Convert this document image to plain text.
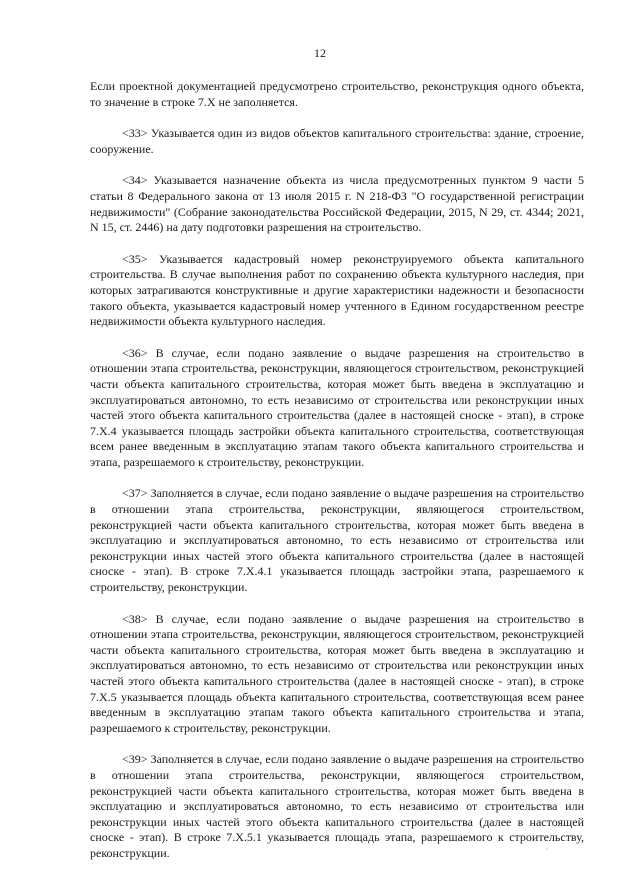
12

Если проектной документацией предусмотрено строительство, реконструкция одного объекта, то значение в строке 7.Х не заполняется.

<33> Указывается один из видов объектов капитального строительства: здание, строение, сооружение.

<34> Указывается назначение объекта из числа предусмотренных пунктом 9 части 5 статьи 8 Федерального закона от 13 июля 2015 г. N 218-ФЗ "О государственной регистрации недвижимости" (Собрание законодательства Российской Федерации, 2015, N 29, ст. 4344; 2021, N 15, ст. 2446) на дату подготовки разрешения на строительство.

<35> Указывается кадастровый номер реконструируемого объекта капитального строительства. В случае выполнения работ по сохранению объекта культурного наследия, при которых затрагиваются конструктивные и другие характеристики надежности и безопасности такого объекта, указывается кадастровый номер учтенного в Едином государственном реестре недвижимости объекта культурного наследия.

<36> В случае, если подано заявление о выдаче разрешения на строительство в отношении этапа строительства, реконструкции, являющегося строительством, реконструкцией части объекта капитального строительства, которая может быть введена в эксплуатацию и эксплуатироваться автономно, то есть независимо от строительства или реконструкции иных частей этого объекта капитального строительства (далее в настоящей сноске - этап), в строке 7.Х.4 указывается площадь застройки объекта капитального строительства, соответствующая всем ранее введенным в эксплуатацию этапам такого объекта капитального строительства и этапа, разрешаемого к строительству, реконструкции.

<37> Заполняется в случае, если подано заявление о выдаче разрешения на строительство в отношении этапа строительства, реконструкции, являющегося строительством, реконструкцией части объекта капитального строительства, которая может быть введена в эксплуатацию и эксплуатироваться автономно, то есть независимо от строительства или реконструкции иных частей этого объекта капитального строительства (далее в настоящей сноске - этап). В строке 7.Х.4.1 указывается площадь застройки этапа, разрешаемого к строительству, реконструкции.

<38> В случае, если подано заявление о выдаче разрешения на строительство в отношении этапа строительства, реконструкции, являющегося строительством, реконструкцией части объекта капитального строительства, которая может быть введена в эксплуатацию и эксплуатироваться автономно, то есть независимо от строительства или реконструкции иных частей этого объекта капитального строительства (далее в настоящей сноске - этап), в строке 7.Х.5 указывается площадь объекта капитального строительства, соответствующая всем ранее введенным в эксплуатацию этапам такого объекта капитального строительства и этапа, разрешаемого к строительству, реконструкции.

<39> Заполняется в случае, если подано заявление о выдаче разрешения на строительство в отношении этапа строительства, реконструкции, являющегося строительством, реконструкцией части объекта капитального строительства, которая может быть введена в эксплуатацию и эксплуатироваться автономно, то есть независимо от строительства или реконструкции иных частей этого объекта капитального строительства (далее в настоящей сноске - этап). В строке 7.Х.5.1 указывается площадь этапа, разрешаемого к строительству, реконструкции.
